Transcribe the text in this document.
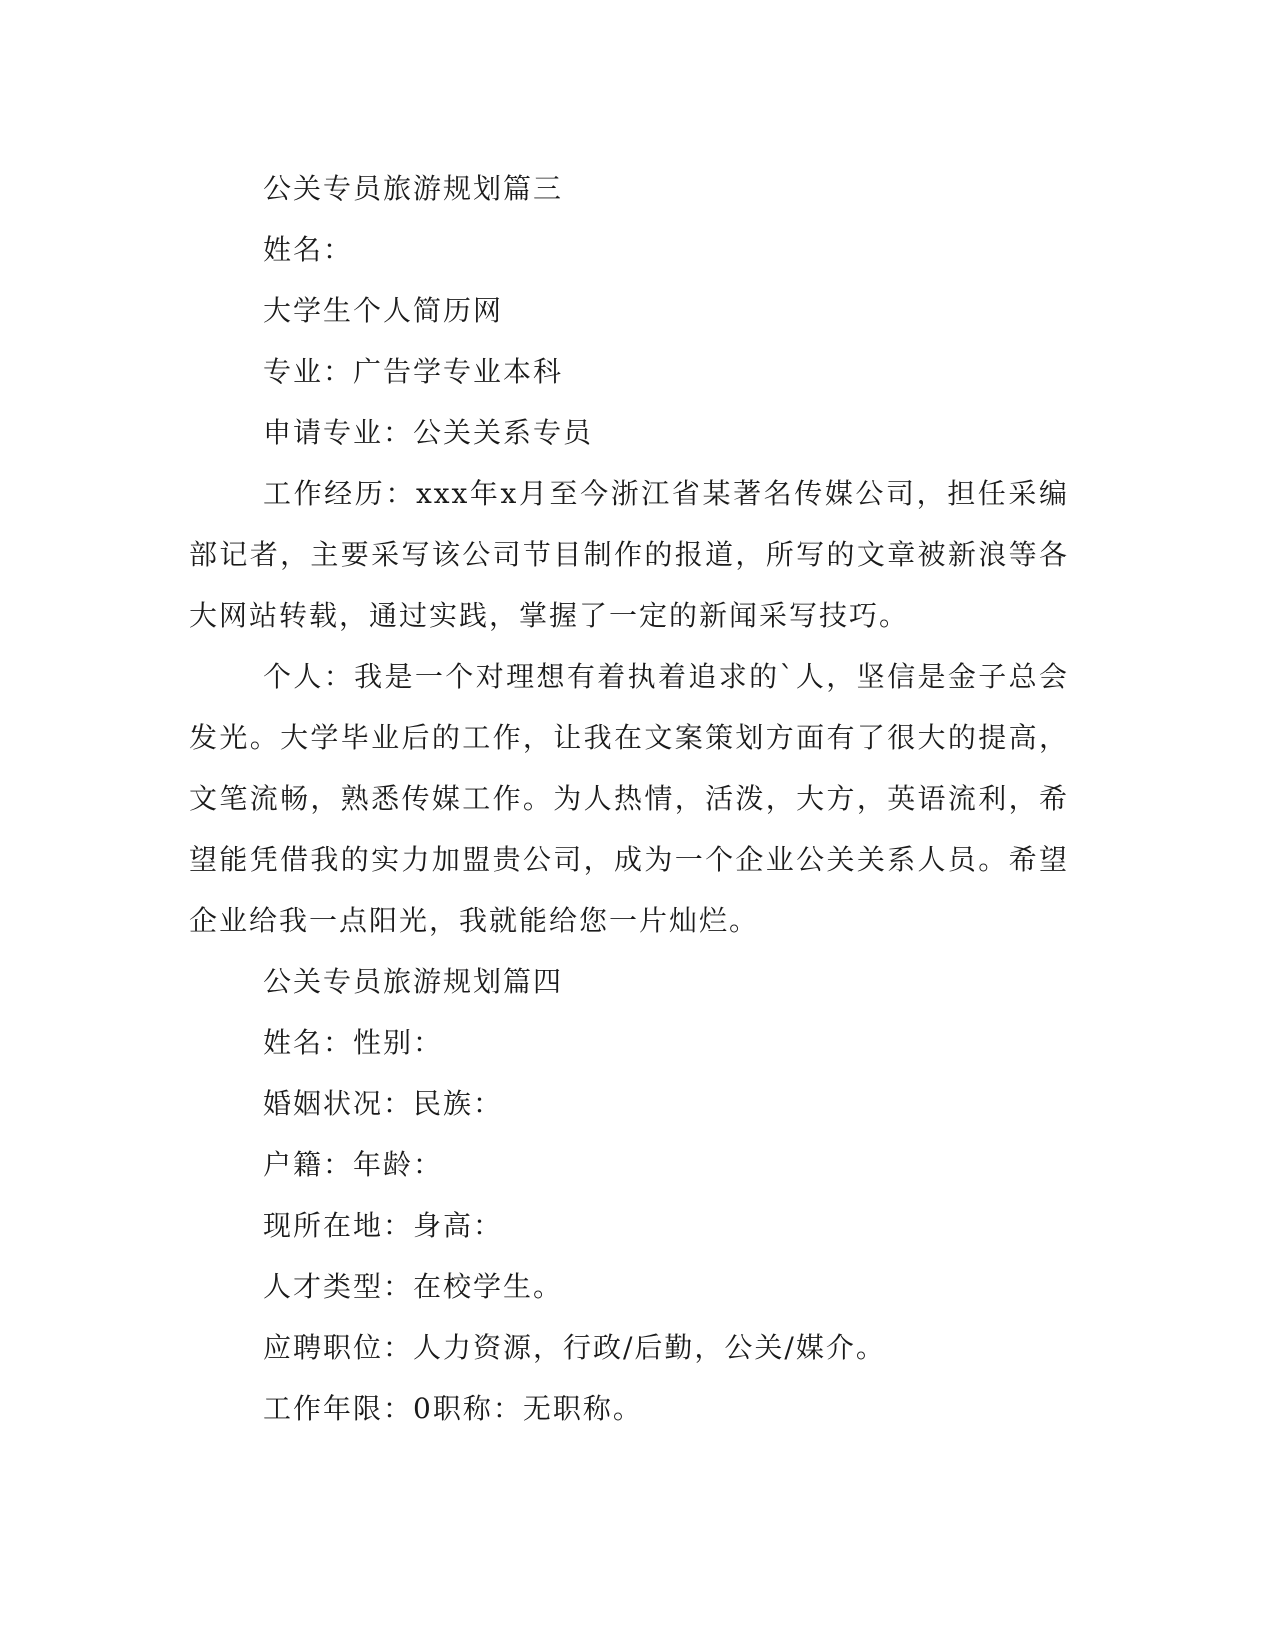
公关专员旅游规划篇三

姓名：

大学生个人简历网

专业：广告学专业本科

申请专业：公关关系专员

工作经历：xxx年x月至今浙江省某著名传媒公司，担任采编部记者，主要采写该公司节目制作的报道，所写的文章被新浪等各大网站转载，通过实践，掌握了一定的新闻采写技巧。

个人：我是一个对理想有着执着追求的`人，坚信是金子总会发光。大学毕业后的工作，让我在文案策划方面有了很大的提高，文笔流畅，熟悉传媒工作。为人热情，活泼，大方，英语流利，希望能凭借我的实力加盟贵公司，成为一个企业公关关系人员。希望企业给我一点阳光，我就能给您一片灿烂。

公关专员旅游规划篇四

姓名：性别：

婚姻状况：民族：

户籍：年龄：

现所在地：身高：

人才类型：在校学生。

应聘职位：人力资源，行政/后勤，公关/媒介。

工作年限：0职称：无职称。
